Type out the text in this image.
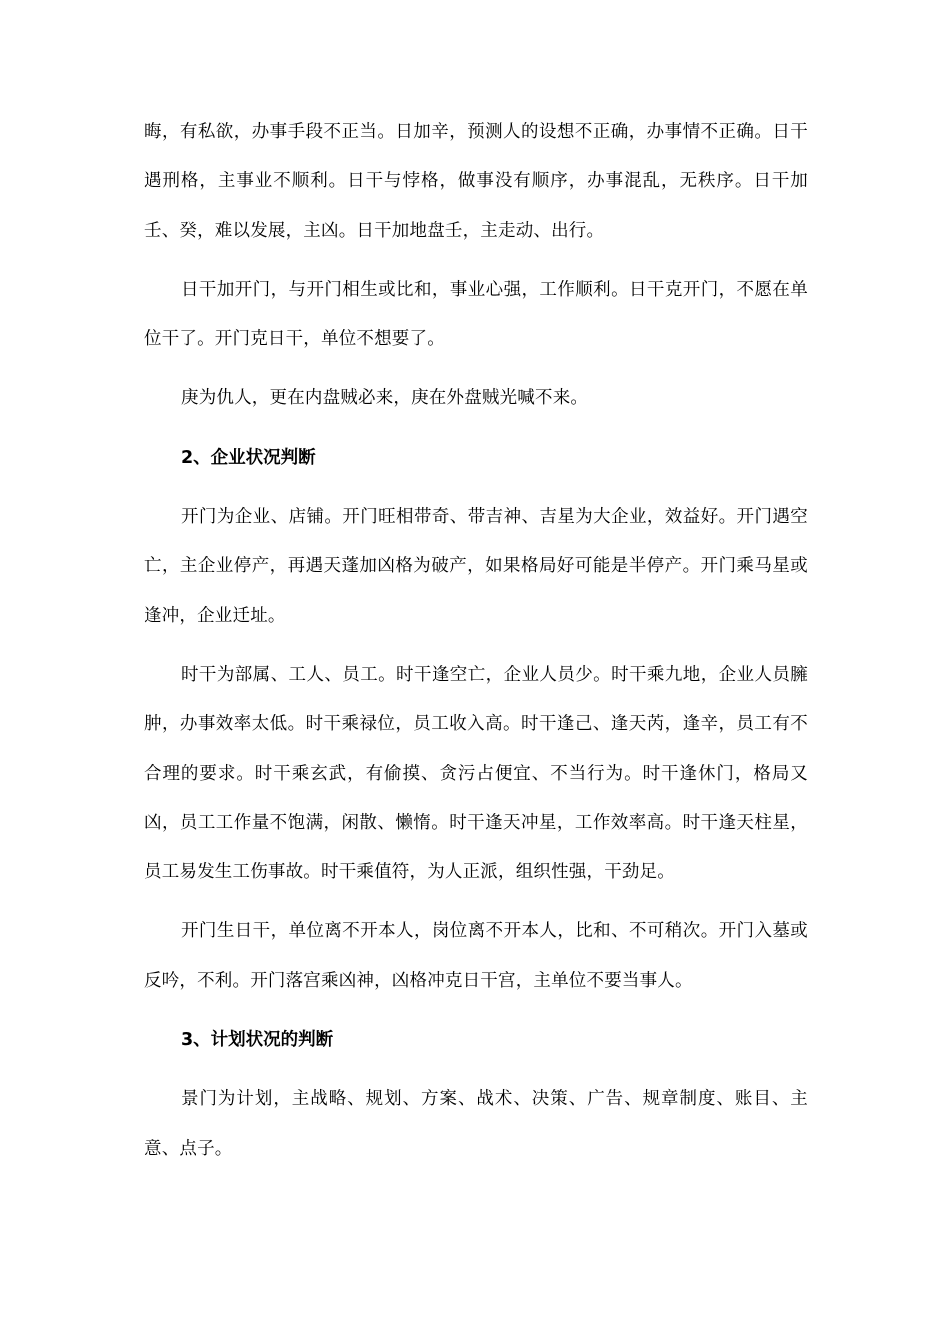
晦，有私欲，办事手段不正当。日加辛，预测人的设想不正确，办事情不正确。日干遇刑格，主事业不顺利。日干与悖格，做事没有顺序，办事混乱，无秩序。日干加壬、癸，难以发展，主凶。日干加地盘壬，主走动、出行。

日干加开门，与开门相生或比和，事业心强，工作顺利。日干克开门，不愿在单位干了。开门克日干，单位不想要了。

庚为仇人，更在内盘贼必来，庚在外盘贼光喊不来。

2、企业状况判断

开门为企业、店铺。开门旺相带奇、带吉神、吉星为大企业，效益好。开门遇空亡，主企业停产，再遇天蓬加凶格为破产，如果格局好可能是半停产。开门乘马星或逢冲，企业迁址。

时干为部属、工人、员工。时干逢空亡，企业人员少。时干乘九地，企业人员臃肿，办事效率太低。时干乘禄位，员工收入高。时干逢己、逢天芮，逢辛，员工有不合理的要求。时干乘玄武，有偷摸、贪污占便宜、不当行为。时干逢休门，格局又凶，员工工作量不饱满，闲散、懒惰。时干逢天冲星，工作效率高。时干逢天柱星，员工易发生工伤事故。时干乘值符，为人正派，组织性强，干劲足。

开门生日干，单位离不开本人，岗位离不开本人，比和、不可稍次。开门入墓或反吟，不利。开门落宫乘凶神，凶格冲克日干宫，主单位不要当事人。

3、计划状况的判断

景门为计划，主战略、规划、方案、战术、决策、广告、规章制度、账目、主意、点子。
